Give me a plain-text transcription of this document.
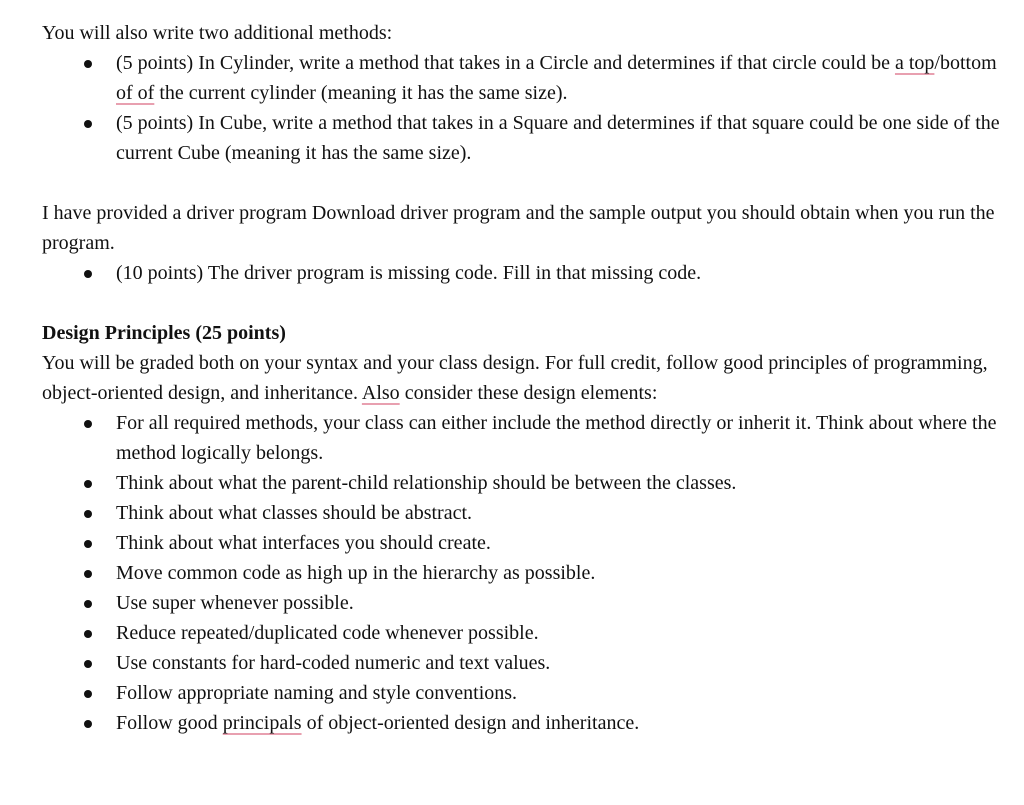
You will also write two additional methods:

(5 points) In Cylinder, write a method that takes in a Circle and determines if that circle could be a top/bottom of of the current cylinder (meaning it has the same size).
(5 points) In Cube, write a method that takes in a Square and determines if that square could be one side of the current Cube (meaning it has the same size).

I have provided a driver program Download driver program and the sample output you should obtain when you run the program.

(10 points) The driver program is missing code. Fill in that missing code.

Design Principles (25 points)

You will be graded both on your syntax and your class design. For full credit, follow good principles of programming, object-oriented design, and inheritance. Also consider these design elements:

For all required methods, your class can either include the method directly or inherit it. Think about where the method logically belongs.
Think about what the parent-child relationship should be between the classes.
Think about what classes should be abstract.
Think about what interfaces you should create.
Move common code as high up in the hierarchy as possible.
Use super whenever possible.
Reduce repeated/duplicated code whenever possible.
Use constants for hard-coded numeric and text values.
Follow appropriate naming and style conventions.
Follow good principals of object-oriented design and inheritance.
